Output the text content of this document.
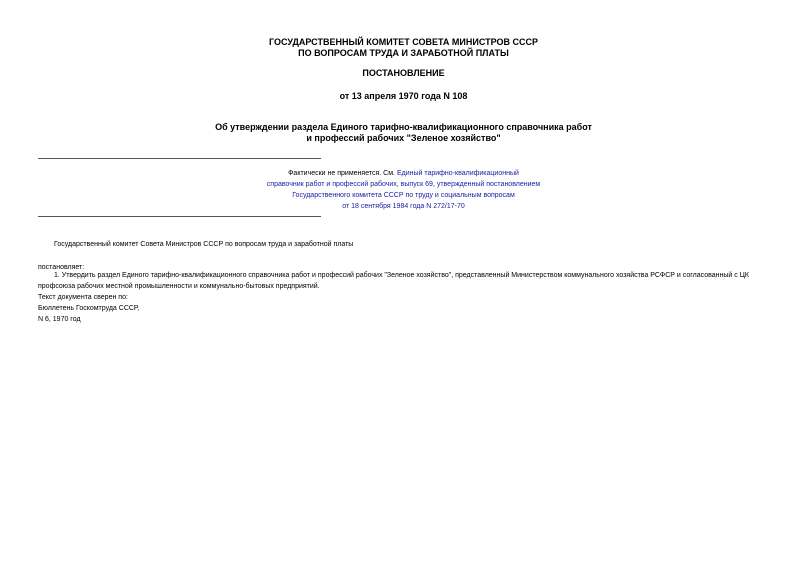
ГОСУДАРСТВЕННЫЙ КОМИТЕТ СОВЕТА МИНИСТРОВ СССР
ПО ВОПРОСАМ ТРУДА И ЗАРАБОТНОЙ ПЛАТЫ
ПОСТАНОВЛЕНИЕ
от 13 апреля 1970 года N 108
Об утверждении раздела Единого тарифно-квалификационного справочника работ
и профессий рабочих "Зеленое хозяйство"
Фактически не применяется. См. Единый тарифно-квалификационный
справочник работ и профессий рабочих, выпуск 69, утвержденный постановлением
Государственного комитета СССР по труду и социальным вопросам
от 18 сентября 1984 года N 272/17-70
Государственный комитет Совета Министров СССР по вопросам труда и заработной платы
постановляет:
1. Утвердить раздел Единого тарифно-квалификационного справочника работ и профессий рабочих "Зеленое хозяйство", представленный Министерством коммунального хозяйства РСФСР и согласованный с ЦК профсоюза рабочих местной промышленности и коммунально-бытовых предприятий.
Текст документа сверен по:
Бюллетень Госкомтруда СССР,
N 6, 1970 год
